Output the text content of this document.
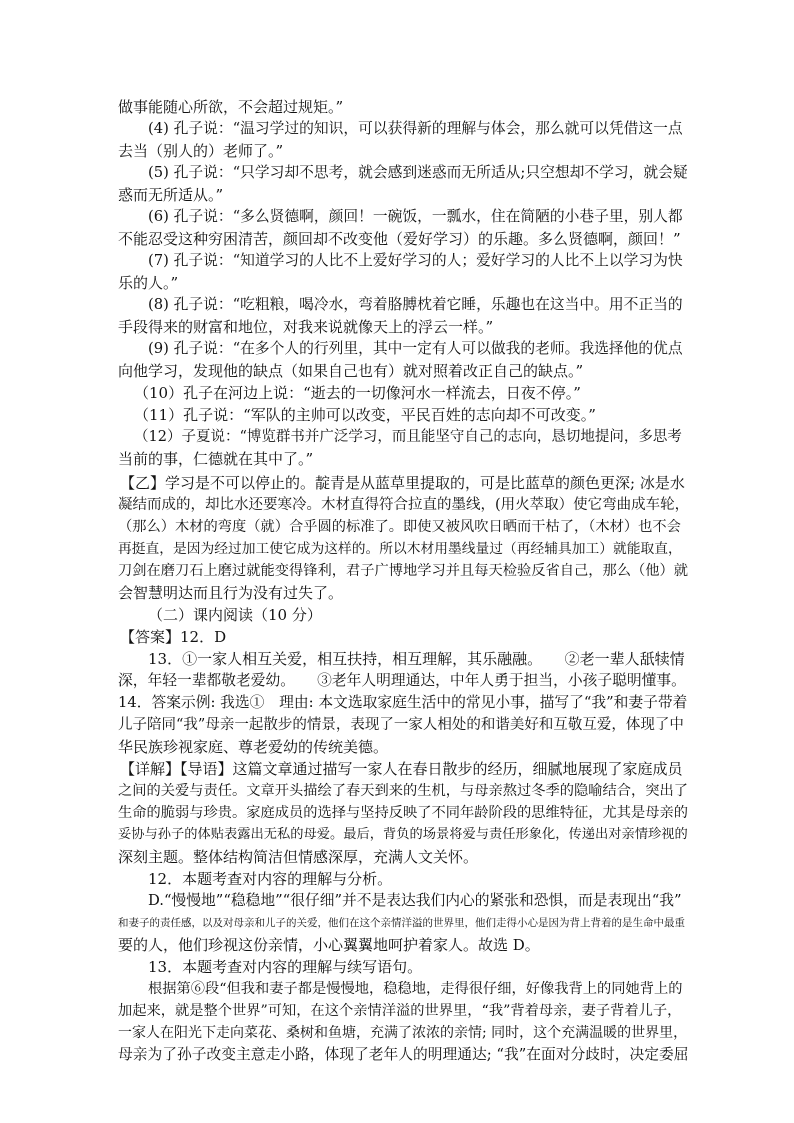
做事能随心所欲，不会超过规矩。”
(4) 孔子说：“温习学过的知识，可以获得新的理解与体会，那么就可以凭借这一点
去当（别人的）老师了。”
(5) 孔子说：“只学习却不思考，就会感到迷惑而无所适从;只空想却不学习，就会疑
惑而无所适从。”
(6) 孔子说：“多么贤德啊，颜回！一碗饭，一瓢水，住在简陋的小巷子里，别人都
不能忍受这种穷困清苦，颜回却不改变他（爱好学习）的乐趣。多么贤德啊，颜回！”
(7) 孔子说：“知道学习的人比不上爱好学习的人；爱好学习的人比不上以学习为快
乐的人。”
(8) 孔子说：“吃粗粮，喝冷水，弯着胳膊枕着它睡，乐趣也在这当中。用不正当的
手段得来的财富和地位，对我来说就像天上的浮云一样。”
(9) 孔子说：“在多个人的行列里，其中一定有人可以做我的老师。我选择他的优点
向他学习，发现他的缺点（如果自己也有）就对照着改正自己的缺点。”
（10）孔子在河边上说：“逝去的一切像河水一样流去，日夜不停。”
（11）孔子说：“军队的主帅可以改变，平民百姓的志向却不可改变。”
（12）子夏说：“博览群书并广泛学习，而且能坚守自己的志向，恳切地提问，多思考
当前的事，仁德就在其中了。”
【乙】学习是不可以停止的。靛青是从蓝草里提取的，可是比蓝草的颜色更深; 冰是水
凝结而成的，却比水还要寒冷。木材直得符合拉直的墨线，(用火萃取）使它弯曲成车轮，
（那么）木材的弯度（就）合乎圆的标准了。即使又被风吹日晒而干枯了，（木材）也不会
再挺直，是因为经过加工使它成为这样的。所以木材用墨线量过（再经辅具加工）就能取直，
刀剑在磨刀石上磨过就能变得锋利，君子广博地学习并且每天检验反省自己，那么（他）就
会智慧明达而且行为没有过失了。
（二）课内阅读（10 分）
【答案】12．D
13．①一家人相互关爱，相互扶持，相互理解，其乐融融。　　②老一辈人舐犊情
深，年轻一辈都敬老爱幼。　　③老年人明理通达，中年人勇于担当，小孩子聪明懂事。
14．答案示例: 我选①　理由: 本文选取家庭生活中的常见小事，描写了“我”和妻子带着
儿子陪同“我”母亲一起散步的情景，表现了一家人相处的和谐美好和互敬互爱，体现了中
华民族珍视家庭、尊老爱幼的传统美德。
【详解】【导语】这篇文章通过描写一家人在春日散步的经历，细腻地展现了家庭成员
之间的关爱与责任。文章开头描绘了春天到来的生机，与母亲熬过冬季的隐喻结合，突出了
生命的脆弱与珍贵。家庭成员的选择与坚持反映了不同年龄阶段的思维特征，尤其是母亲的
妥协与孙子的体贴表露出无私的母爱。最后，背负的场景将爱与责任形象化，传递出对亲情珍视的
深刻主题。整体结构简洁但情感深厚，充满人文关怀。
12．本题考查对内容的理解与分析。
D.“慢慢地”“稳稳地”“很仔细”并不是表达我们内心的紧张和恐惧，而是表现出“我”
和妻子的责任感，以及对母亲和儿子的关爱，他们在这个亲情洋溢的世界里，他们走得小心是因为背上背着的是生命中最重
要的人，他们珍视这份亲情，小心翼翼地呵护着家人。故选 D。
13．本题考查对内容的理解与续写语句。
根据第⑥段“但我和妻子都是慢慢地，稳稳地，走得很仔细，好像我背上的同她背上的
加起来，就是整个世界”可知，在这个亲情洋溢的世界里，“我”背着母亲，妻子背着儿子，
一家人在阳光下走向菜花、桑树和鱼塘，充满了浓浓的亲情; 同时，这个充满温暖的世界里，
母亲为了孙子改变主意走小路，体现了老年人的明理通达; “我”在面对分歧时，决定委屈
